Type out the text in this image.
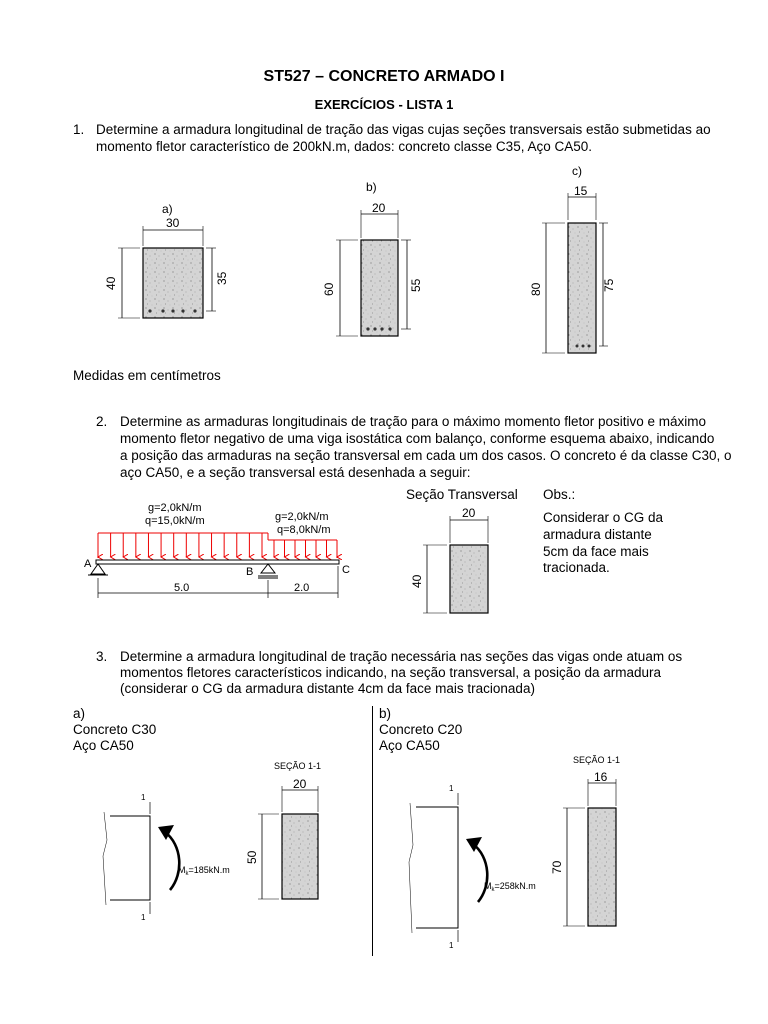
ST527 – CONCRETO ARMADO I
EXERCÍCIOS - LISTA 1
1. Determine a armadura longitudinal de tração das vigas cujas seções transversais estão submetidas ao
momento fletor característico de 200kN.m, dados: concreto classe C35, Aço CA50.
a)
30
40	35
b)
20
60	55
c)
15
80	75
Medidas em centímetros
2. Determine as armaduras longitudinais de tração para o máximo momento fletor positivo e máximo
momento fletor negativo de uma viga isostática com balanço, conforme esquema abaixo, indicando
a posição das armaduras na seção transversal em cada um dos casos. O concreto é da classe C30, o
aço CA50, e a seção transversal está desenhada a seguir:
g=2,0kN/m
q=15,0kN/m	g=2,0kN/m
q=8,0kN/m
A
B	C
5.0	2.0
Seção Transversal
20
40
Obs.:
Considerar o CG da
armadura distante
5cm da face mais
tracionada.
3. Determine a armadura longitudinal de tração necessária nas seções das vigas onde atuam os
momentos fletores característicos indicando, na seção transversal, a posição da armadura
(considerar o CG da armadura distante 4cm da face mais tracionada)
a)
Concreto C30
Aço CA50
b)
Concreto C20
Aço CA50
1
1
$M_k=185kN.m$
SEÇÃO 1-1
20
50
1
1
$M_k=258kN.m$
SEÇÃO 1-1
16
70
